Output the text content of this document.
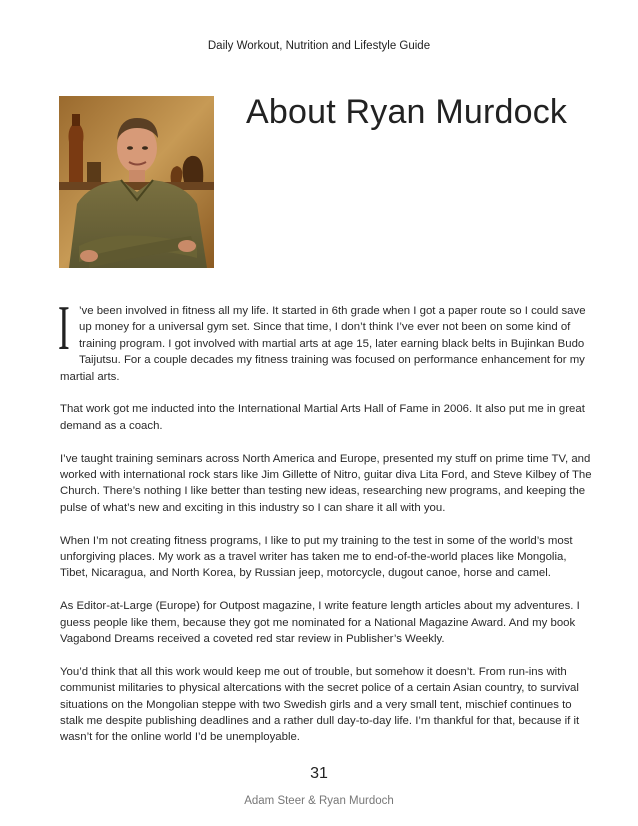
Daily Workout, Nutrition and Lifestyle Guide
About Ryan Murdock

I ’ve been involved in fitness all my life. It started in 6th grade when I got a paper route so I could save up money for a universal gym set. Since that time, I don’t think I’ve ever not been on some kind of training program. I got involved with martial arts at age 15, later earning black belts in Bujinkan Budo Taijutsu. For a couple decades my fitness training was focused on performance enhancement for my martial arts.

That work got me inducted into the International Martial Arts Hall of Fame in 2006. It also put me in great demand as a coach.

I’ve taught training seminars across North America and Europe, presented my stuff on prime time TV, and worked with international rock stars like Jim Gillette of Nitro, guitar diva Lita Ford, and Steve Kilbey of The Church. There’s nothing I like better than testing new ideas, researching new programs, and keeping the pulse of what’s new and exciting in this industry so I can share it all with you.

When I’m not creating fitness programs, I like to put my training to the test in some of the world’s most unforgiving places. My work as a travel writer has taken me to end-of-the-world places like Mongolia, Tibet, Nicaragua, and North Korea, by Russian jeep, motorcycle, dugout canoe, horse and camel.

As Editor-at-Large (Europe) for Outpost magazine, I write feature length articles about my adventures. I guess people like them, because they got me nominated for a National Magazine Award. And my book Vagabond Dreams received a coveted red star review in Publisher’s Weekly.

You’d think that all this work would keep me out of trouble, but somehow it doesn’t. From run-ins with communist militaries to physical altercations with the secret police of a certain Asian country, to survival situations on the Mongolian steppe with two Swedish girls and a very small tent, mischief continues to stalk me despite publishing deadlines and a rather dull day-to-day life. I’m thankful for that, because if it wasn’t for the online world I’d be unemployable.

31
Adam Steer & Ryan Murdoch
